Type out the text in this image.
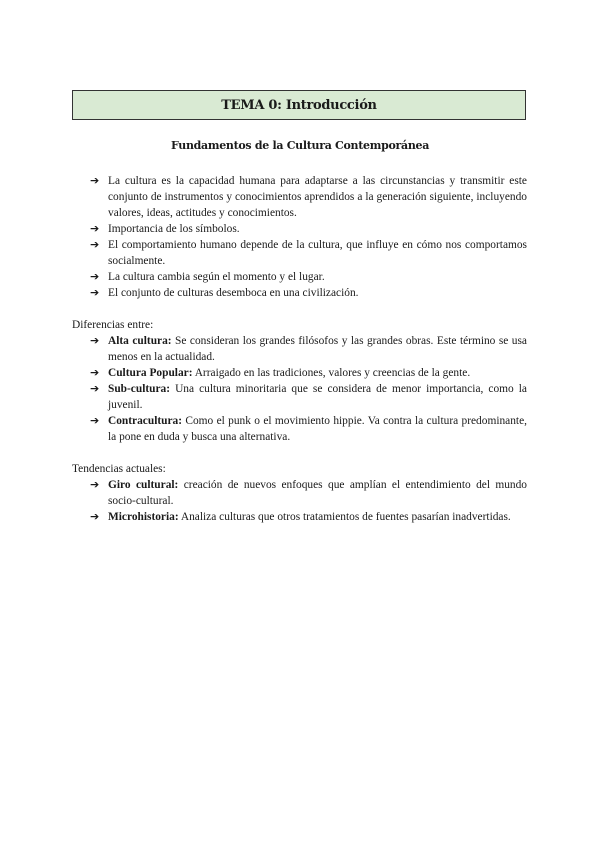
TEMA 0: Introducción
Fundamentos de la Cultura Contemporánea
➔ La cultura es la capacidad humana para adaptarse a las circunstancias y transmitir este conjunto de instrumentos y conocimientos aprendidos a la generación siguiente, incluyendo valores, ideas, actitudes y conocimientos.
➔ Importancia de los símbolos.
➔ El comportamiento humano depende de la cultura, que influye en cómo nos comportamos socialmente.
➔ La cultura cambia según el momento y el lugar.
➔ El conjunto de culturas desemboca en una civilización.
Diferencias entre:
➔ Alta cultura: Se consideran los grandes filósofos y las grandes obras. Este término se usa menos en la actualidad.
➔ Cultura Popular: Arraigado en las tradiciones, valores y creencias de la gente.
➔ Sub-cultura: Una cultura minoritaria que se considera de menor importancia, como la juvenil.
➔ Contracultura: Como el punk o el movimiento hippie. Va contra la cultura predominante, la pone en duda y busca una alternativa.
Tendencias actuales:
➔ Giro cultural: creación de nuevos enfoques que amplían el entendimiento del mundo socio-cultural.
➔ Microhistoria: Analiza culturas que otros tratamientos de fuentes pasarían inadvertidas.
